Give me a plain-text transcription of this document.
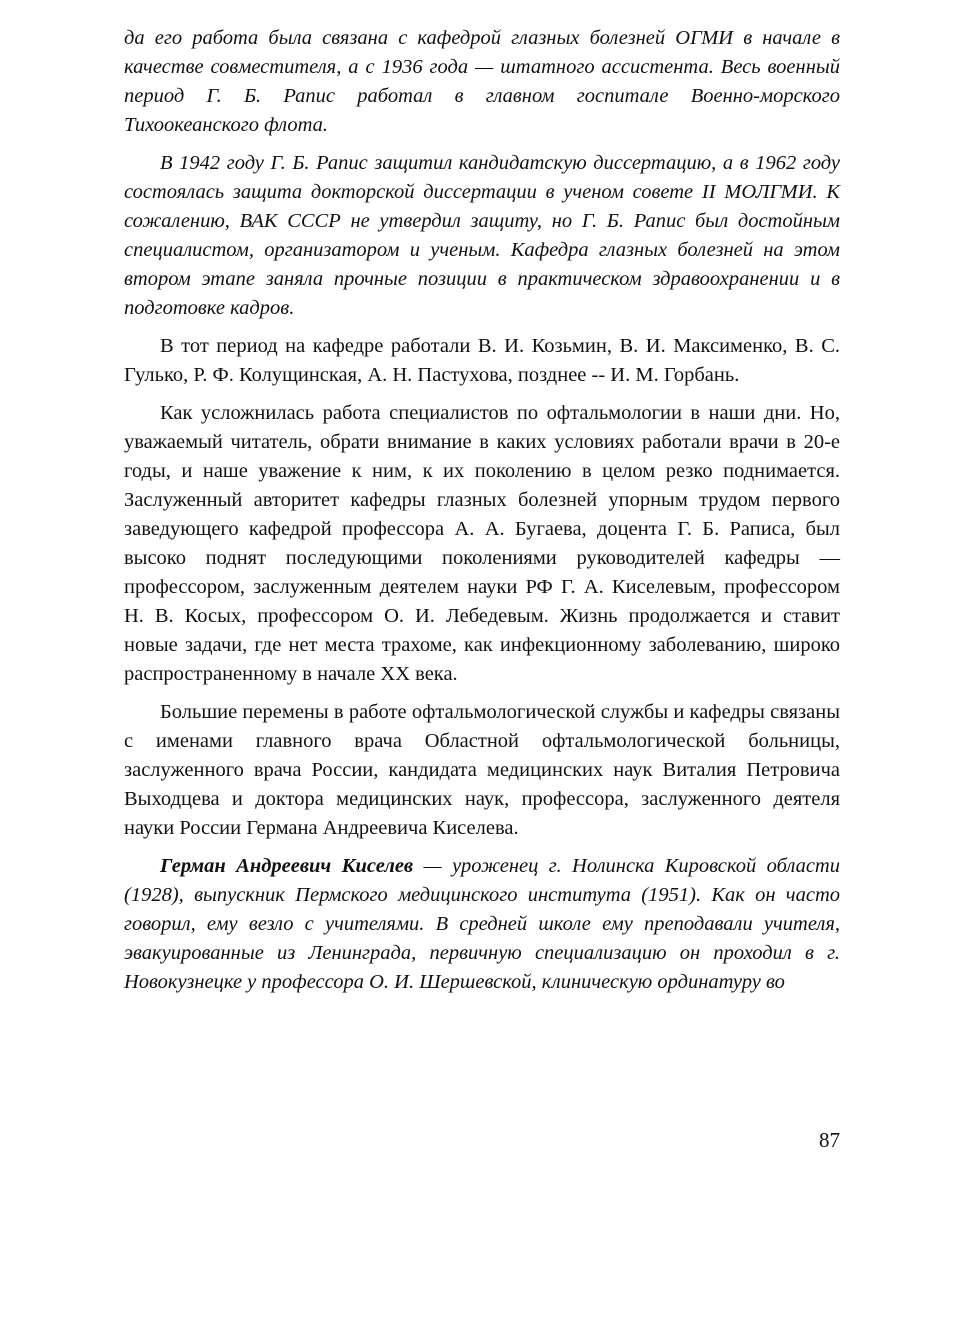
да его работа была связана с кафедрой глазных болезней ОГМИ в начале в качестве совместителя, а с 1936 года — штатного ассистента. Весь военный период Г. Б. Рапис работал в главном госпитале Военно-морского Тихоокеанского флота.

В 1942 году Г. Б. Рапис защитил кандидатскую диссертацию, а в 1962 году состоялась защита докторской диссертации в ученом совете II МОЛГМИ. К сожалению, ВАК СССР не утвердил защиту, но Г. Б. Рапис был достойным специалистом, организатором и ученым. Кафедра глазных болезней на этом втором этапе заняла прочные позиции в практическом здравоохранении и в подготовке кадров.

В тот период на кафедре работали В. И. Козьмин, В. И. Максименко, В. С. Гулько, Р. Ф. Колущинская, А. Н. Пастухова, позднее -- И. М. Горбань.

Как усложнилась работа специалистов по офтальмологии в наши дни. Но, уважаемый читатель, обрати внимание в каких условиях работали врачи в 20-е годы, и наше уважение к ним, к их поколению в целом резко поднимается. Заслуженный авторитет кафедры глазных болезней упорным трудом первого заведующего кафедрой профессора А. А. Бугаева, доцента Г. Б. Раписа, был высоко поднят последующими поколениями руководителей кафедры — профессором, заслуженным деятелем науки РФ Г. А. Киселевым, профессором Н. В. Косых, профессором О. И. Лебедевым. Жизнь продолжается и ставит новые задачи, где нет места трахоме, как инфекционному заболеванию, широко распространенному в начале XX века.

Большие перемены в работе офтальмологической службы и кафедры связаны с именами главного врача Областной офтальмологической больницы, заслуженного врача России, кандидата медицинских наук Виталия Петровича Выходцева и доктора медицинских наук, профессора, заслуженного деятеля науки России Германа Андреевича Киселева.

Герман Андреевич Киселев — уроженец г. Нолинска Кировской области (1928), выпускник Пермского медицинского института (1951). Как он часто говорил, ему везло с учителями. В средней школе ему преподавали учителя, эвакуированные из Ленинграда, первичную специализацию он проходил в г. Новокузнецке у профессора О. И. Шершевской, клиническую ординатуру во

87
